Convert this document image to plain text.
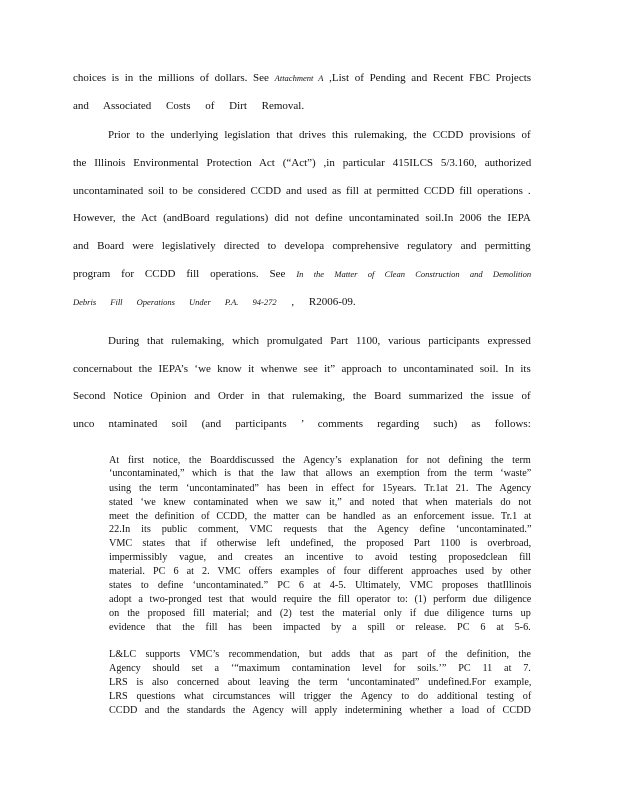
choices is in the millions of dollars. See Attachment A ,List of Pending and Recent FBC Projects
and Associated Costs of Dirt Removal.
Prior to the underlying legislation that drives this rulemaking, the CCDD provisions of
the Illinois Environmental Protection Act (“Act”) ,in particular 415ILCS 5/3.160, authorized
uncontaminated soil to be considered CCDD and used as fill at permitted CCDD fill operations .
However, the Act (andBoard regulations) did not define uncontaminated soil.In 2006 the IEPA
and Board were legislatively directed to developa comprehensive regulatory and permitting
program for CCDD fill operations. See In the Matter of Clean Construction and Demolition
Debris Fill Operations Under P.A. 94-272 , R2006-09.
During that rulemaking, which promulgated Part 1100, various participants expressed
concernabout the IEPA’s ‘we know it whenwe see it” approach to uncontaminated soil. In its
Second Notice Opinion and Order in that rulemaking, the Board summarized the issue of
unco ntaminated soil (and participants ’ comments regarding such) as follows:
At first notice, the Boarddiscussed the Agency’s explanation for not defining the term
‘uncontaminated,” which is that the law that allows an exemption from the term ‘waste”
using the term ‘uncontaminated” has been in effect for 15years. Tr.1at 21. The Agency
stated ‘we knew contaminated when we saw it,” and noted that when materials do not
meet the definition of CCDD, the matter can be handled as an enforcement issue. Tr.1 at
22.In its public comment, VMC requests that the Agency define ‘uncontaminated.”
VMC states that if otherwise left undefined, the proposed Part 1100 is overbroad,
impermissibly vague, and creates an incentive to avoid testing proposedclean fill
material. PC 6 at 2. VMC offers examples of four different approaches used by other
states to define ‘uncontaminated.” PC 6 at 4-5. Ultimately, VMC proposes thatIllinois
adopt a two-pronged test that would require the fill operator to: (1) perform due diligence
on the proposed fill material; and (2) test the material only if due diligence turns up
evidence that the fill has been impacted by a spill or release. PC 6 at 5-6.
L&LC supports VMC’s recommendation, but adds that as part of the definition, the
Agency should set a ‘“maximum contamination level for soils.’” PC 11 at 7.
LRS is also concerned about leaving the term ‘uncontaminated” undefined.For example,
LRS questions what circumstances will trigger the Agency to do additional testing of
CCDD and the standards the Agency will apply indetermining whether a load of CCDD
